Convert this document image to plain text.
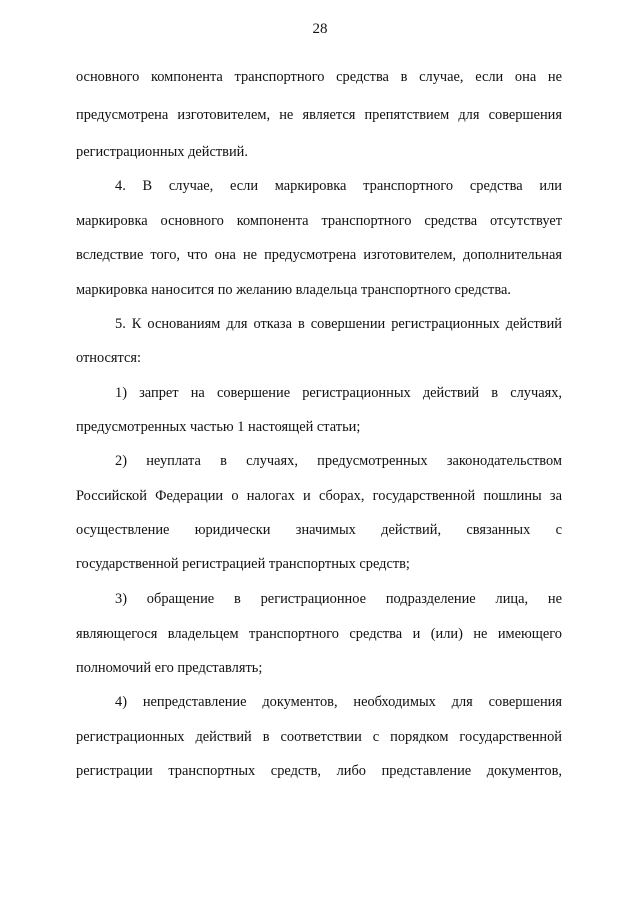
28
основного компонента транспортного средства в случае, если она не
предусмотрена изготовителем, не является препятствием для совершения
регистрационных действий.
4. В случае, если маркировка транспортного средства или
маркировка основного компонента транспортного средства отсутствует
вследствие того, что она не предусмотрена изготовителем, дополнительная
маркировка наносится по желанию владельца транспортного средства.
5. К основаниям для отказа в совершении регистрационных действий
относятся:
1) запрет на совершение регистрационных действий в случаях,
предусмотренных частью 1 настоящей статьи;
2) неуплата в случаях, предусмотренных законодательством
Российской Федерации о налогах и сборах, государственной пошлины за
осуществление юридически значимых действий, связанных с
государственной регистрацией транспортных средств;
3) обращение в регистрационное подразделение лица, не
являющегося владельцем транспортного средства и (или) не имеющего
полномочий его представлять;
4) непредставление документов, необходимых для совершения
регистрационных действий в соответствии с порядком государственной
регистрации транспортных средств, либо представление документов,
